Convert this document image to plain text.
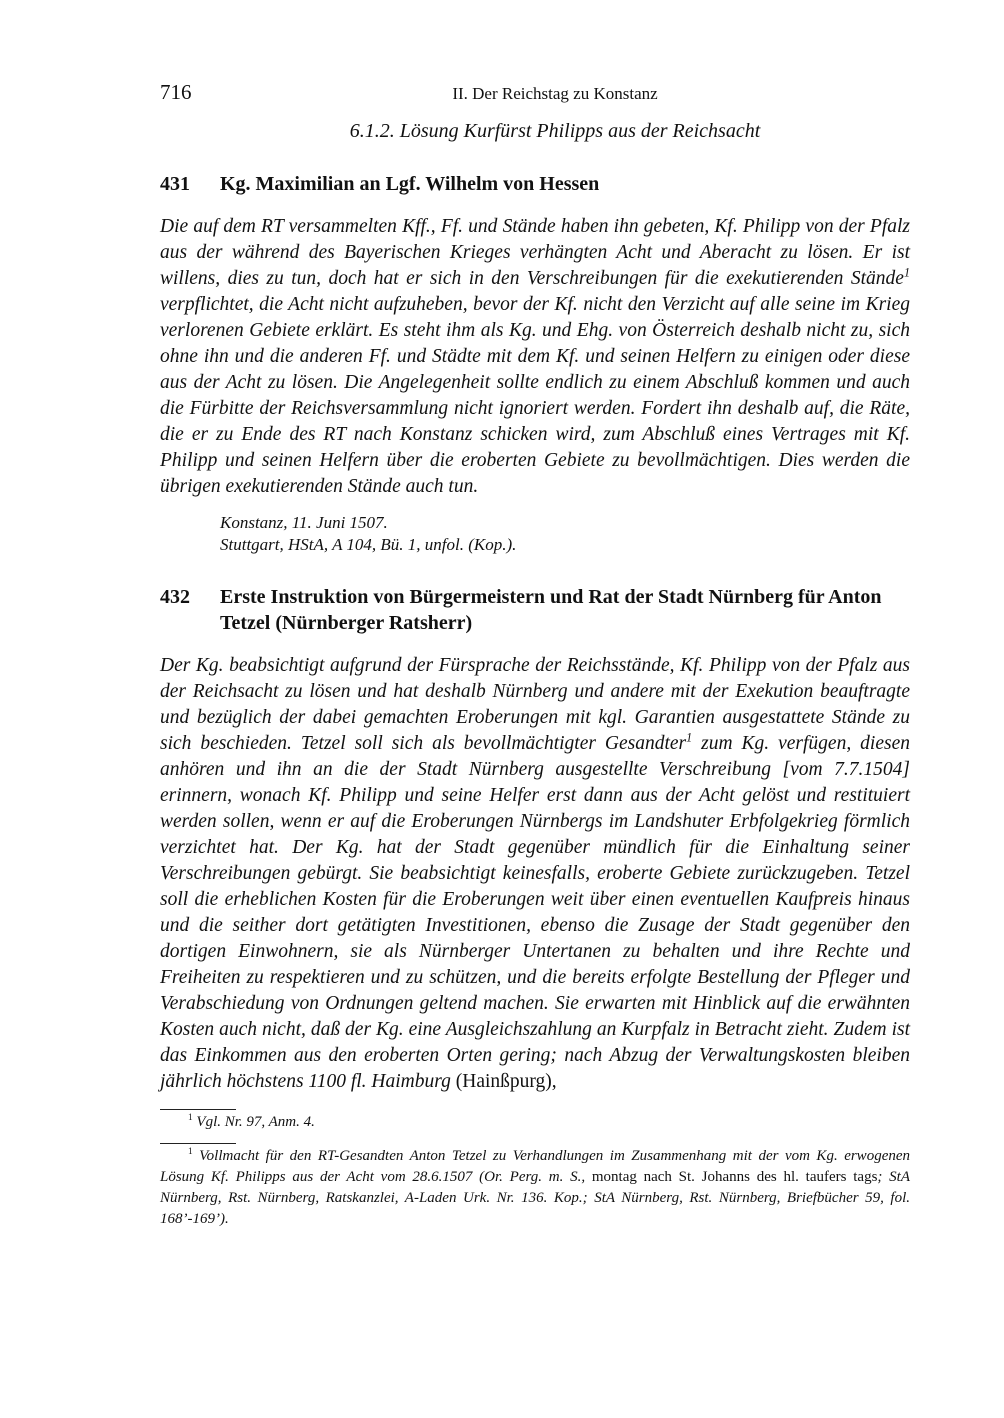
716	II. Der Reichstag zu Konstanz
6.1.2. Lösung Kurfürst Philipps aus der Reichsacht
431	Kg. Maximilian an Lgf. Wilhelm von Hessen

Die auf dem RT versammelten Kff., Ff. und Stände haben ihn gebeten, Kf. Philipp von der Pfalz aus der während des Bayerischen Krieges verhängten Acht und Aberacht zu lösen. Er ist willens, dies zu tun, doch hat er sich in den Verschreibungen für die exekutierenden Stände$^1$ verpflichtet, die Acht nicht aufzuheben, bevor der Kf. nicht den Verzicht auf alle seine im Krieg verlorenen Gebiete erklärt. Es steht ihm als Kg. und Ehg. von Österreich deshalb nicht zu, sich ohne ihn und die anderen Ff. und Städte mit dem Kf. und seinen Helfern zu einigen oder diese aus der Acht zu lösen. Die Angelegenheit sollte endlich zu einem Abschluß kommen und auch die Fürbitte der Reichsversammlung nicht ignoriert werden. Fordert ihn deshalb auf, die Räte, die er zu Ende des RT nach Konstanz schicken wird, zum Abschluß eines Vertrages mit Kf. Philipp und seinen Helfern über die eroberten Gebiete zu bevollmächtigen. Dies werden die übrigen exekutierenden Stände auch tun.

Konstanz, 11. Juni 1507.
Stuttgart, HStA, A 104, Bü. 1, unfol. (Kop.).
432	Erste Instruktion von Bürgermeistern und Rat der Stadt Nürnberg für Anton Tetzel (Nürnberger Ratsherr)

Der Kg. beabsichtigt aufgrund der Fürsprache der Reichsstände, Kf. Philipp von der Pfalz aus der Reichsacht zu lösen und hat deshalb Nürnberg und andere mit der Exekution beauftragte und bezüglich der dabei gemachten Eroberungen mit kgl. Garantien ausgestattete Stände zu sich beschieden. Tetzel soll sich als bevollmächtigter Gesandter$^1$ zum Kg. verfügen, diesen anhören und ihn an die der Stadt Nürnberg ausgestellte Verschreibung [vom 7.7.1504] erinnern, wonach Kf. Philipp und seine Helfer erst dann aus der Acht gelöst und restituiert werden sollen, wenn er auf die Eroberungen Nürnbergs im Landshuter Erbfolgekrieg förmlich verzichtet hat. Der Kg. hat der Stadt gegenüber mündlich für die Einhaltung seiner Verschreibungen gebürgt. Sie beabsichtigt keinesfalls, eroberte Gebiete zurückzugeben. Tetzel soll die erheblichen Kosten für die Eroberungen weit über einen eventuellen Kaufpreis hinaus und die seither dort getätigten Investitionen, ebenso die Zusage der Stadt gegenüber den dortigen Einwohnern, sie als Nürnberger Untertanen zu behalten und ihre Rechte und Freiheiten zu respektieren und zu schützen, und die bereits erfolgte Bestellung der Pfleger und Verabschiedung von Ordnungen geltend machen. Sie erwarten mit Hinblick auf die erwähnten Kosten auch nicht, daß der Kg. eine Ausgleichszahlung an Kurpfalz in Betracht zieht. Zudem ist das Einkommen aus den eroberten Orten gering; nach Abzug der Verwaltungskosten bleiben jährlich höchstens 1100 fl. Haimburg (Hainßpurg),

$^1$ Vgl. Nr. 97, Anm. 4.

$^1$ Vollmacht für den RT-Gesandten Anton Tetzel zu Verhandlungen im Zusammenhang mit der vom Kg. erwogenen Lösung Kf. Philipps aus der Acht vom 28.6.1507 (Or. Perg. m. S., montag nach St. Johanns des hl. taufers tags; StA Nürnberg, Rst. Nürnberg, Ratskanzlei, A-Laden Urk. Nr. 136. Kop.; StA Nürnberg, Rst. Nürnberg, Briefbücher 59, fol. 168’-169’).
